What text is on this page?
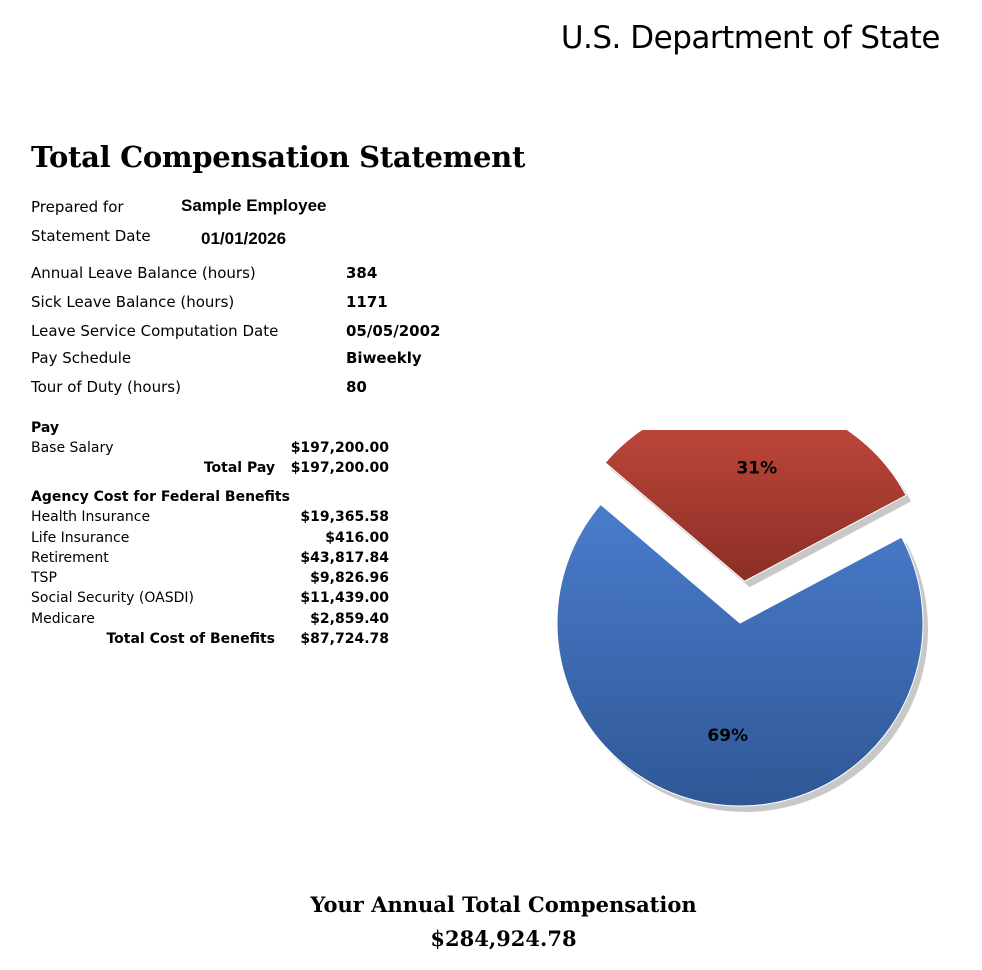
U.S. Department of State
Total Compensation Statement
Prepared for	Sample Employee
Statement Date	01/01/2026
Annual Leave Balance (hours)	384
Sick Leave Balance (hours)	1171
Leave Service Computation Date	05/05/2002
Pay Schedule	Biweekly
Tour of Duty (hours)	80
Pay
Base Salary	$197,200.00
Total Pay $197,200.00
Agency Cost for Federal Benefits
Health Insurance	$19,365.58
Life Insurance	$416.00
Retirement	$43,817.84
TSP	$9,826.96
Social Security (OASDI)	$11,439.00
Medicare	$2,859.40
Total Cost of Benefits $87,724.78
69%
31%
Your Annual Total Compensation
$284,924.78
